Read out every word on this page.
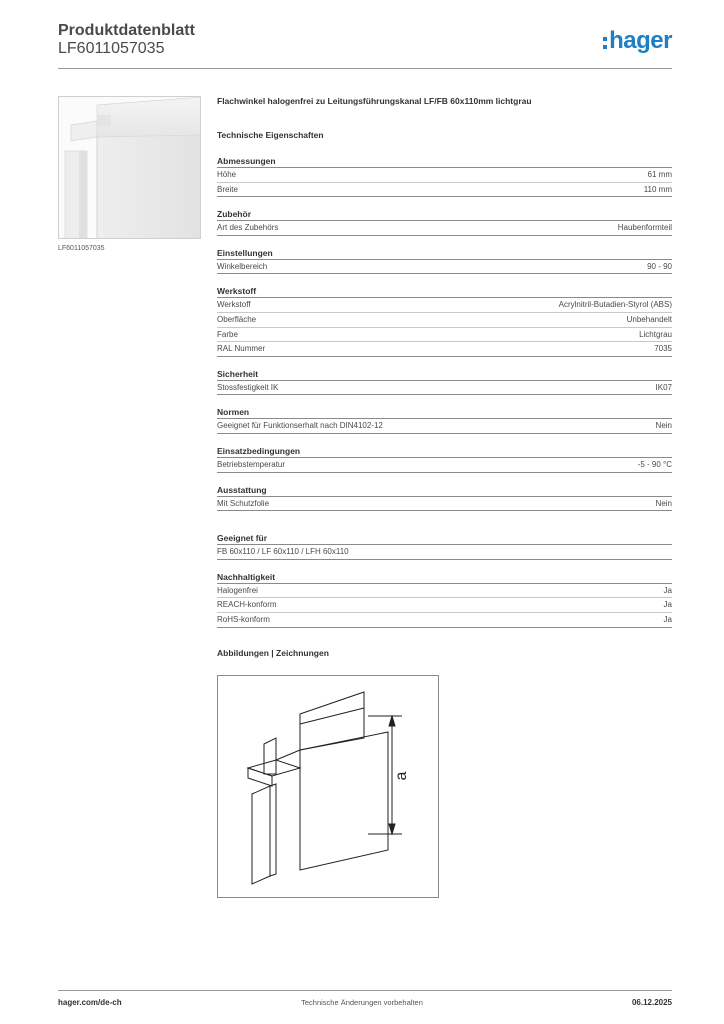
Produktdatenblatt
LF6011057035	hager
LF6011057035
Flachwinkel halogenfrei zu Leitungsführungskanal LF/FB 60x110mm lichtgrau
Technische Eigenschaften
Abmessungen
Höhe	61 mm
Breite	110 mm
Zubehör
Art des Zubehörs	Haubenformteil
Einstellungen
Winkelbereich	90 - 90
Werkstoff
Werkstoff	Acrylnitril-Butadien-Styrol (ABS)
Oberfläche	Unbehandelt
Farbe	Lichtgrau
RAL Nummer	7035
Sicherheit
Stossfestigkeit IK	IK07
Normen
Geeignet für Funktionserhalt nach DIN4102-12	Nein
Einsatzbedingungen
Betriebstemperatur	-5 - 90 °C
Ausstattung
Mit Schutzfolie	Nein
Geeignet für
FB 60x110 / LF 60x110 / LFH 60x110
Nachhaltigkeit
Halogenfrei	Ja
REACH-konform	Ja
RoHS-konform	Ja
Abbildungen | Zeichnungen
a
Technische Änderungen vorbehalten
hager.com/de-ch	06.12.2025
